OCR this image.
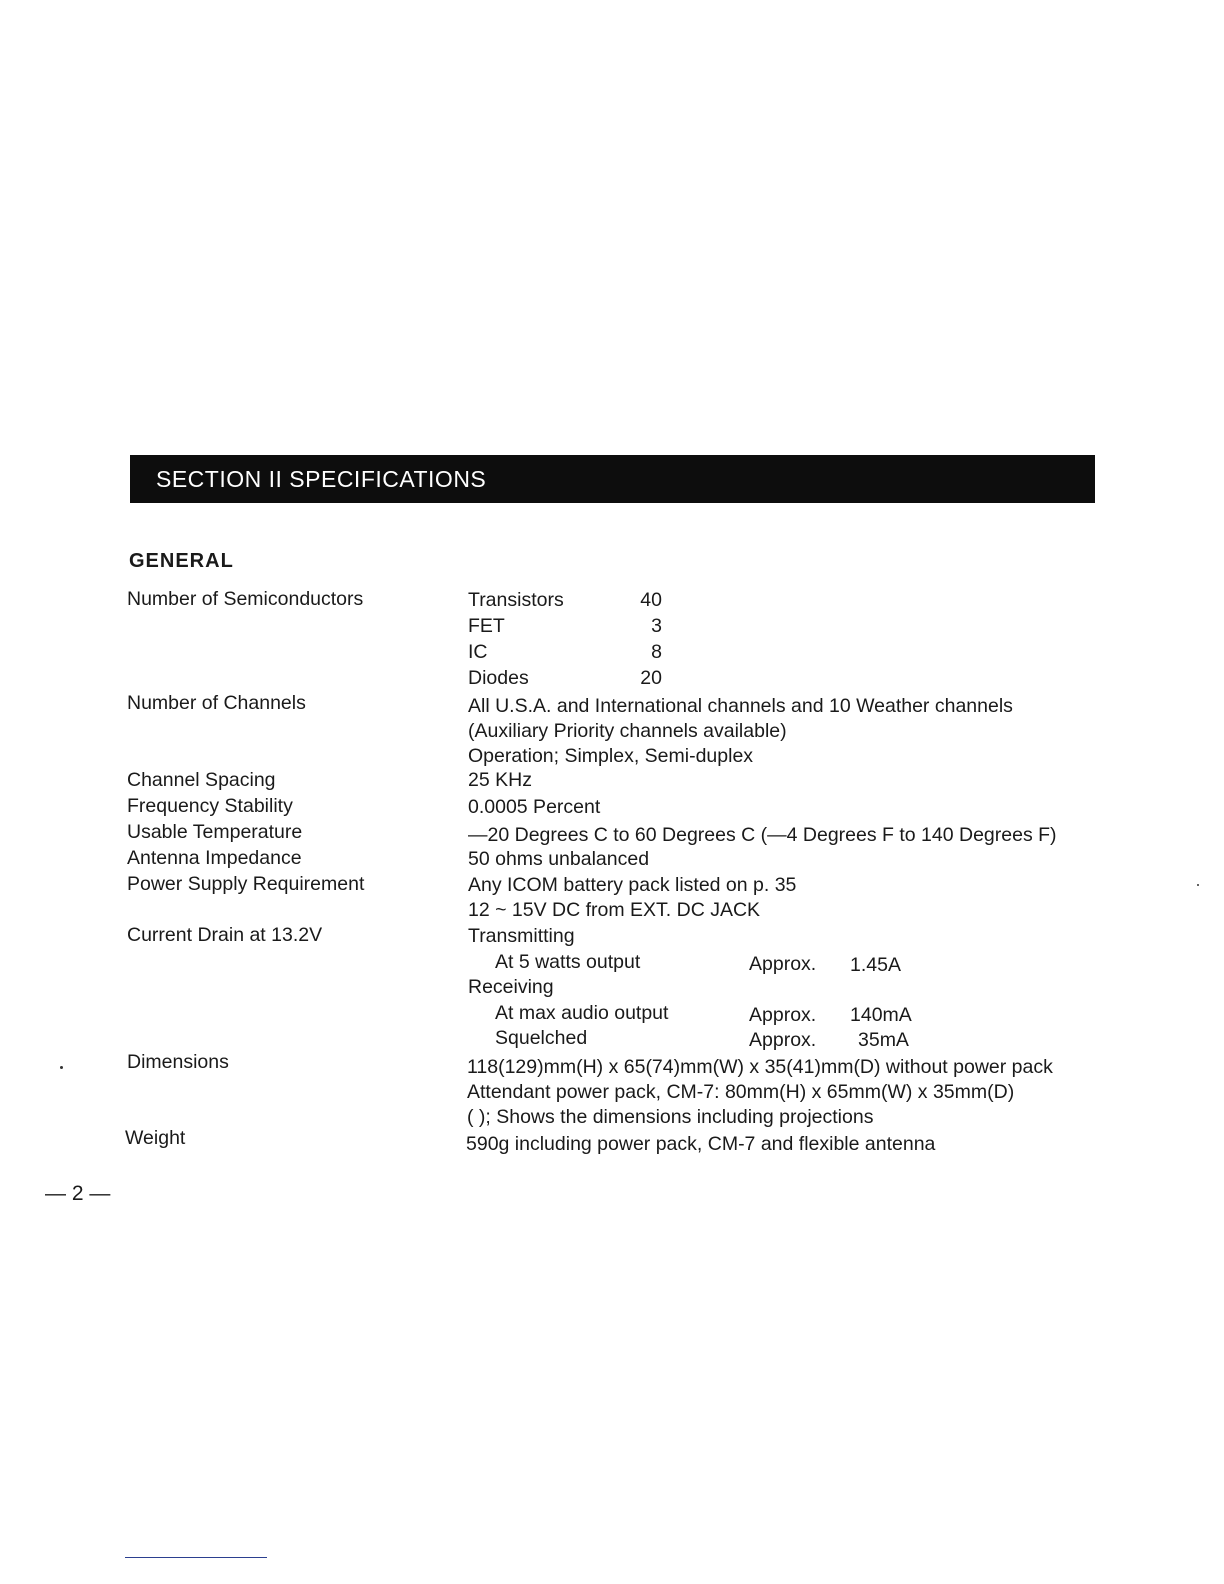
SECTION II SPECIFICATIONS
GENERAL
Number of Semiconductors	Transistors	40
FET	3
IC	8
Diodes	20
Number of Channels	All U.S.A. and International channels and 10 Weather channels
(Auxiliary Priority channels available)
Operation; Simplex, Semi-duplex
Channel Spacing	25 KHz
Frequency Stability	0.0005 Percent
Usable Temperature	—20 Degrees C to 60 Degrees C (—4 Degrees F to 140 Degrees F)
Antenna Impedance	50 ohms unbalanced
Power Supply Requirement	Any ICOM battery pack listed on p. 35
12 ~ 15V DC from EXT. DC JACK
Current Drain at 13.2V	Transmitting
At 5 watts output	Approx. 1.45A
Receiving
At max audio output	Approx. 140mA
Squelched	Approx. 35mA
Dimensions	118(129)mm(H) x 65(74)mm(W) x 35(41)mm(D) without power pack
Attendant power pack, CM-7: 80mm(H) x 65mm(W) x 35mm(D)
( ); Shows the dimensions including projections
Weight	590g including power pack, CM-7 and flexible antenna
— 2 —
